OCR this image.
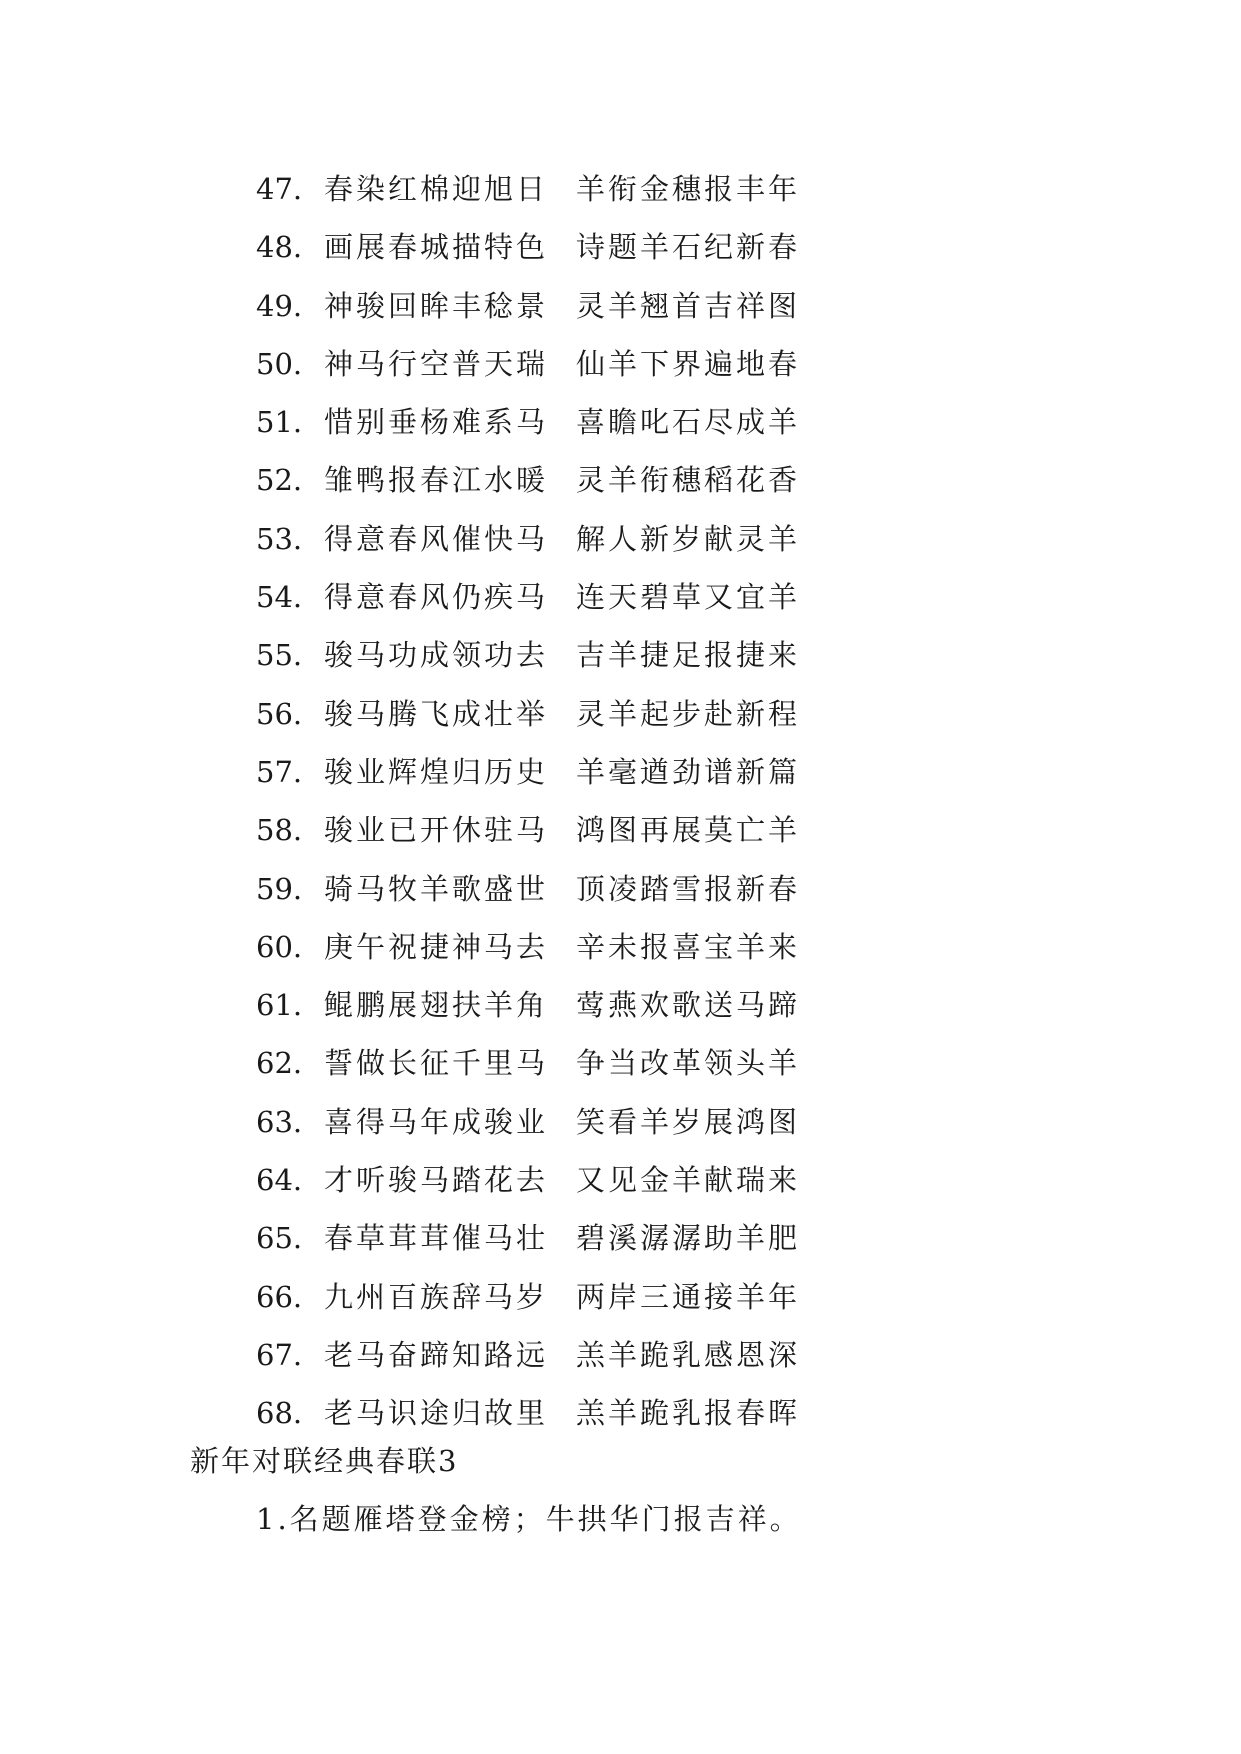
47. 春染红棉迎旭日 羊衔金穗报丰年
48. 画展春城描特色 诗题羊石纪新春
49. 神骏回眸丰稔景 灵羊翘首吉祥图
50. 神马行空普天瑞 仙羊下界遍地春
51. 惜别垂杨难系马 喜瞻叱石尽成羊
52. 雏鸭报春江水暖 灵羊衔穗稻花香
53. 得意春风催快马 解人新岁献灵羊
54. 得意春风仍疾马 连天碧草又宜羊
55. 骏马功成领功去 吉羊捷足报捷来
56. 骏马腾飞成壮举 灵羊起步赴新程
57. 骏业辉煌归历史 羊毫遒劲谱新篇
58. 骏业已开休驻马 鸿图再展莫亡羊
59. 骑马牧羊歌盛世 顶凌踏雪报新春
60. 庚午祝捷神马去 辛未报喜宝羊来
61. 鲲鹏展翅扶羊角 莺燕欢歌送马蹄
62. 誓做长征千里马 争当改革领头羊
63. 喜得马年成骏业 笑看羊岁展鸿图
64. 才听骏马踏花去 又见金羊献瑞来
65. 春草茸茸催马壮 碧溪潺潺助羊肥
66. 九州百族辞马岁 两岸三通接羊年
67. 老马奋蹄知路远 羔羊跪乳感恩深
68. 老马识途归故里 羔羊跪乳报春晖
新年对联经典春联3
1.名题雁塔登金榜；牛拱华门报吉祥。
